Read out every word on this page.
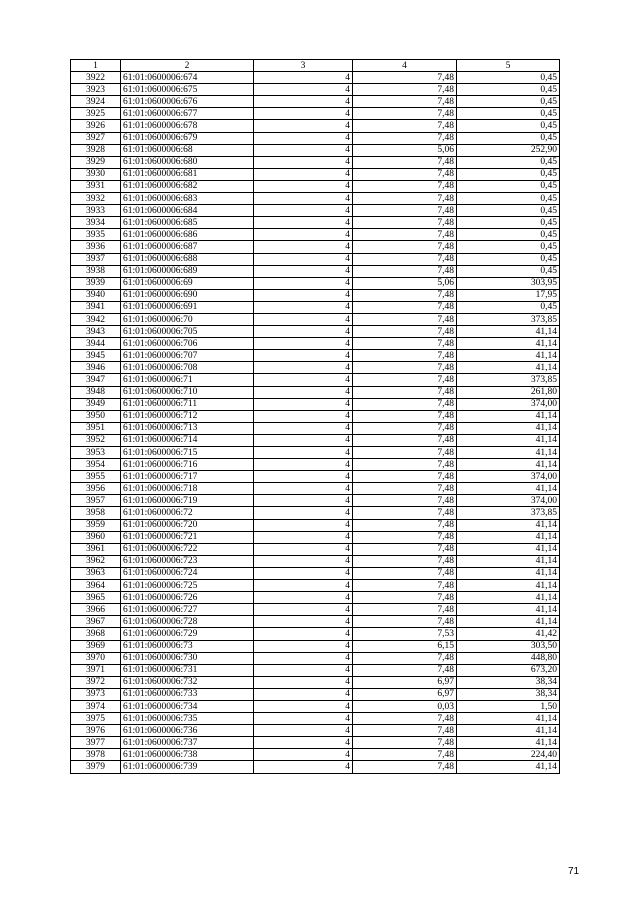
1	2	3	4	5
3922	61:01:0600006:674	4	7,48	0,45
3923	61:01:0600006:675	4	7,48	0,45
3924	61:01:0600006:676	4	7,48	0,45
3925	61:01:0600006:677	4	7,48	0,45
3926	61:01:0600006:678	4	7,48	0,45
3927	61:01:0600006:679	4	7,48	0,45
3928	61:01:0600006:68	4	5,06	252,90
3929	61:01:0600006:680	4	7,48	0,45
3930	61:01:0600006:681	4	7,48	0,45
3931	61:01:0600006:682	4	7,48	0,45
3932	61:01:0600006:683	4	7,48	0,45
3933	61:01:0600006:684	4	7,48	0,45
3934	61:01:0600006:685	4	7,48	0,45
3935	61:01:0600006:686	4	7,48	0,45
3936	61:01:0600006:687	4	7,48	0,45
3937	61:01:0600006:688	4	7,48	0,45
3938	61:01:0600006:689	4	7,48	0,45
3939	61:01:0600006:69	4	5,06	303,95
3940	61:01:0600006:690	4	7,48	17,95
3941	61:01:0600006:691	4	7,48	0,45
3942	61:01:0600006:70	4	7,48	373,85
3943	61:01:0600006:705	4	7,48	41,14
3944	61:01:0600006:706	4	7,48	41,14
3945	61:01:0600006:707	4	7,48	41,14
3946	61:01:0600006:708	4	7,48	41,14
3947	61:01:0600006:71	4	7,48	373,85
3948	61:01:0600006:710	4	7,48	261,80
3949	61:01:0600006:711	4	7,48	374,00
3950	61:01:0600006:712	4	7,48	41,14
3951	61:01:0600006:713	4	7,48	41,14
3952	61:01:0600006:714	4	7,48	41,14
3953	61:01:0600006:715	4	7,48	41,14
3954	61:01:0600006:716	4	7,48	41,14
3955	61:01:0600006:717	4	7,48	374,00
3956	61:01:0600006:718	4	7,48	41,14
3957	61:01:0600006:719	4	7,48	374,00
3958	61:01:0600006:72	4	7,48	373,85
3959	61:01:0600006:720	4	7,48	41,14
3960	61:01:0600006:721	4	7,48	41,14
3961	61:01:0600006:722	4	7,48	41,14
3962	61:01:0600006:723	4	7,48	41,14
3963	61:01:0600006:724	4	7,48	41,14
3964	61:01:0600006:725	4	7,48	41,14
3965	61:01:0600006:726	4	7,48	41,14
3966	61:01:0600006:727	4	7,48	41,14
3967	61:01:0600006:728	4	7,48	41,14
3968	61:01:0600006:729	4	7,53	41,42
3969	61:01:0600006:73	4	6,15	303,50
3970	61:01:0600006:730	4	7,48	448,80
3971	61:01:0600006:731	4	7,48	673,20
3972	61:01:0600006:732	4	6,97	38,34
3973	61:01:0600006:733	4	6,97	38,34
3974	61:01:0600006:734	4	0,03	1,50
3975	61:01:0600006:735	4	7,48	41,14
3976	61:01:0600006:736	4	7,48	41,14
3977	61:01:0600006:737	4	7,48	41,14
3978	61:01:0600006:738	4	7,48	224,40
3979	61:01:0600006:739	4	7,48	41,14
71
